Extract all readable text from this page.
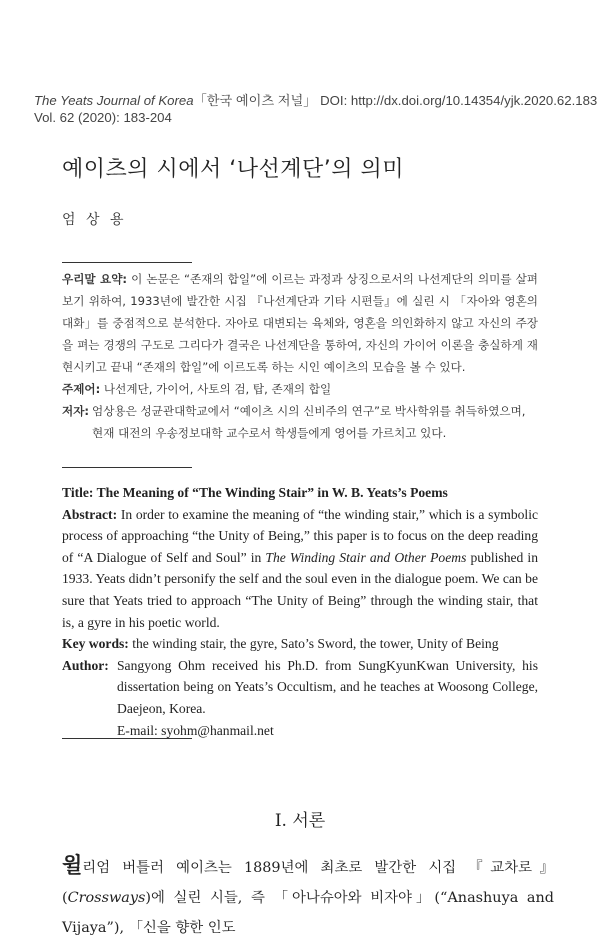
The Yeats Journal of Korea「한국 예이츠 저널」 DOI: http://dx.doi.org/10.14354/yjk.2020.62.183
Vol. 62 (2020): 183-204
예이츠의 시에서 ‘나선계단’의 의미
엄 상 용

우리말 요약: 이 논문은 “존재의 합일”에 이르는 과정과 상징으로서의 나선계단의 의미를 살펴보기 위하여, 1933년에 발간한 시집 『나선계단과 기타 시편들』에 실린 시 「자아와 영혼의 대화」를 중점적으로 분석한다. 자아로 대변되는 육체와, 영혼을 의인화하지 않고 자신의 주장을 펴는 경쟁의 구도로 그리다가 결국은 나선계단을 통하여, 자신의 가이어 이론을 충실하게 재현시키고 끝내 “존재의 합일”에 이르도록 하는 시인 예이츠의 모습을 볼 수 있다.

주제어: 나선계단, 가이어, 사토의 검, 탑, 존재의 합일

저자: 엄상용은 성균관대학교에서 “예이츠 시의 신비주의 연구”로 박사학위를 취득하였으며, 현재 대전의 우송정보대학 교수로서 학생들에게 영어를 가르치고 있다.

Title: The Meaning of “The Winding Stair” in W. B. Yeats’s Poems

Abstract: In order to examine the meaning of “the winding stair,” which is a symbolic process of approaching “the Unity of Being,” this paper is to focus on the deep reading of “A Dialogue of Self and Soul” in The Winding Stair and Other Poems published in 1933. Yeats didn’t personify the self and the soul even in the dialogue poem. We can be sure that Yeats tried to approach “The Unity of Being” through the winding stair, that is, a gyre in his poetic world.

Key words: the winding stair, the gyre, Sato’s Sword, the tower, Unity of Being

Author: Sangyong Ohm received his Ph.D. from SungKyunKwan University, his dissertation being on Yeats’s Occultism, and he teaches at Woosong College, Daejeon, Korea.

E-mail: syohm@hanmail.net

I. 서론

윌리엄 버틀러 예이츠는 1889년에 최초로 발간한 시집 『교차로』(Crossways)에 실린 시들, 즉 「아나슈아와 비자야」(“Anashuya and Vijaya”), 「신을 향한 인도
